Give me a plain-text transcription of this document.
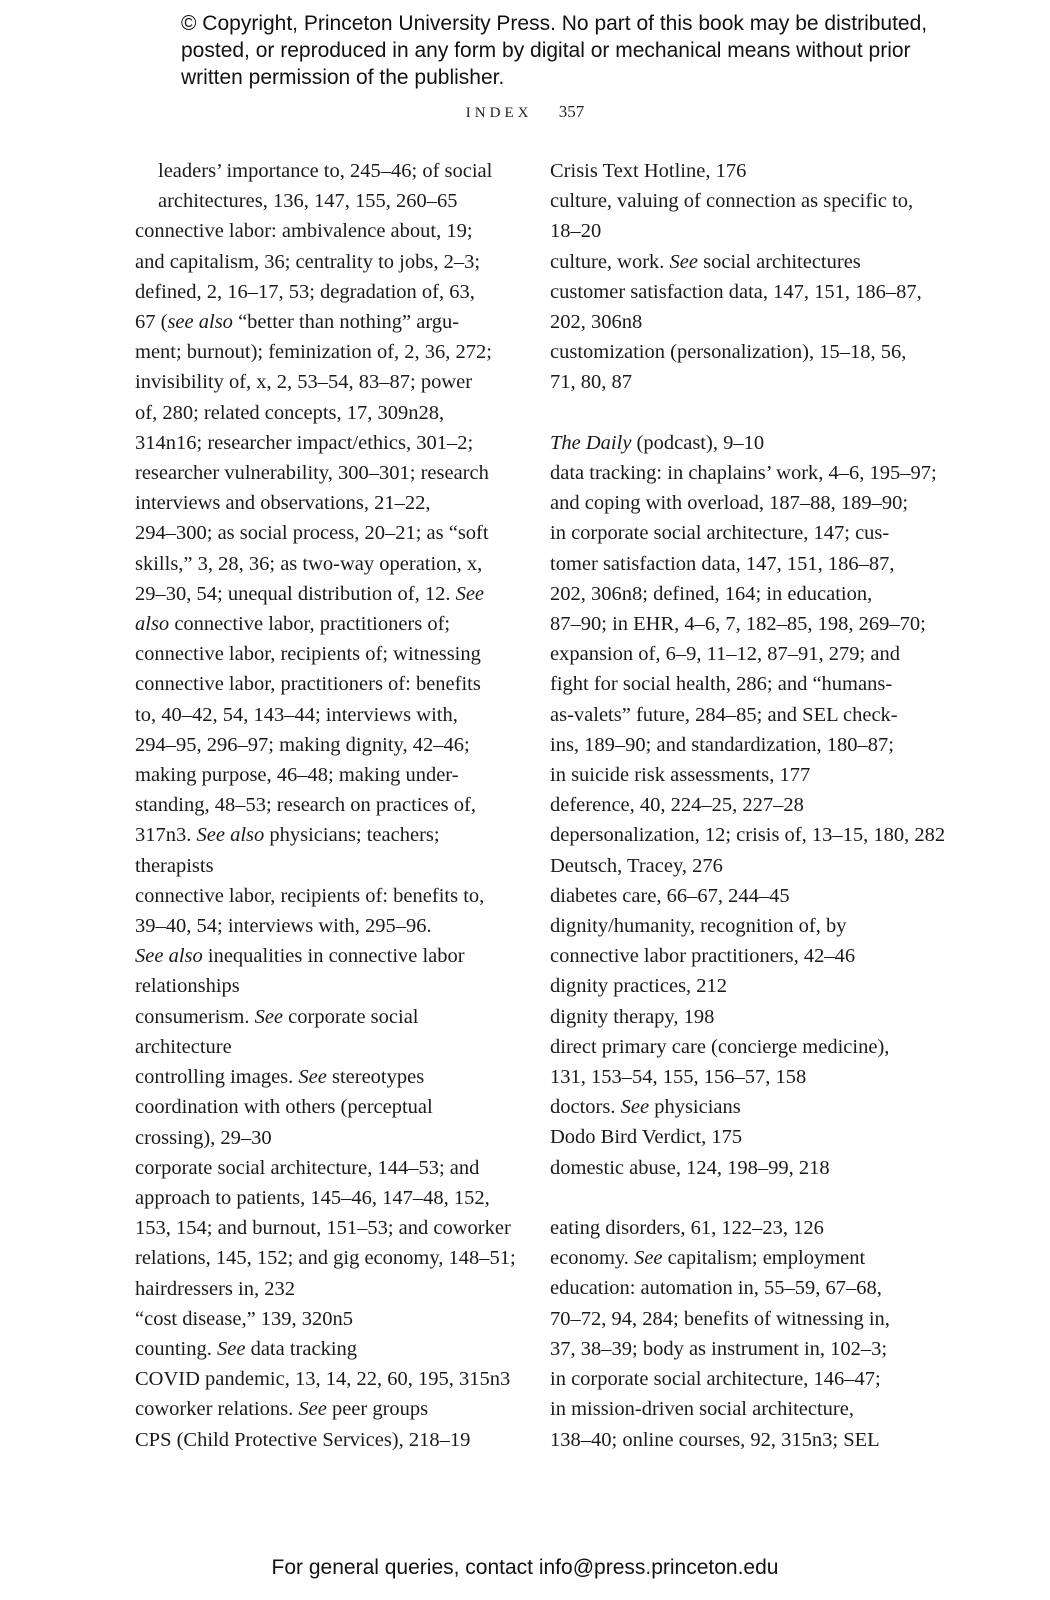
© Copyright, Princeton University Press. No part of this book may be distributed, posted, or reproduced in any form by digital or mechanical means without prior written permission of the publisher.

INDEX 357

leaders’ importance to, 245–46; of social
architectures, 136, 147, 155, 260–65

connective labor: ambivalence about, 19;
and capitalism, 36; centrality to jobs, 2–3;
defined, 2, 16–17, 53; degradation of, 63,
67 (see also “better than nothing” argu-
ment; burnout); feminization of, 2, 36, 272;
invisibility of, x, 2, 53–54, 83–87; power
of, 280; related concepts, 17, 309n28,
314n16; researcher impact/ethics, 301–2;
researcher vulnerability, 300–301; research
interviews and observations, 21–22,
294–300; as social process, 20–21; as “soft
skills,” 3, 28, 36; as two-way operation, x,
29–30, 54; unequal distribution of, 12. See
also connective labor, practitioners of;
connective labor, recipients of; witnessing

connective labor, practitioners of: benefits
to, 40–42, 54, 143–44; interviews with,
294–95, 296–97; making dignity, 42–46;
making purpose, 46–48; making under-
standing, 48–53; research on practices of,
317n3. See also physicians; teachers;
therapists

connective labor, recipients of: benefits to,
39–40, 54; interviews with, 295–96.
See also inequalities in connective labor
relationships

consumerism. See corporate social
architecture

controlling images. See stereotypes

coordination with others (perceptual
crossing), 29–30

corporate social architecture, 144–53; and
approach to patients, 145–46, 147–48, 152,
153, 154; and burnout, 151–53; and coworker
relations, 145, 152; and gig economy, 148–51;
hairdressers in, 232

“cost disease,” 139, 320n5

counting. See data tracking

COVID pandemic, 13, 14, 22, 60, 195, 315n3

coworker relations. See peer groups

CPS (Child Protective Services), 218–19

Crisis Text Hotline, 176

culture, valuing of connection as specific to,
18–20

culture, work. See social architectures

customer satisfaction data, 147, 151, 186–87,
202, 306n8

customization (personalization), 15–18, 56,
71, 80, 87

The Daily (podcast), 9–10

data tracking: in chaplains’ work, 4–6, 195–97;
and coping with overload, 187–88, 189–90;
in corporate social architecture, 147; cus-
tomer satisfaction data, 147, 151, 186–87,
202, 306n8; defined, 164; in education,
87–90; in EHR, 4–6, 7, 182–85, 198, 269–70;
expansion of, 6–9, 11–12, 87–91, 279; and
fight for social health, 286; and “humans-
as-valets” future, 284–85; and SEL check-
ins, 189–90; and standardization, 180–87;
in suicide risk assessments, 177

deference, 40, 224–25, 227–28

depersonalization, 12; crisis of, 13–15, 180, 282

Deutsch, Tracey, 276

diabetes care, 66–67, 244–45

dignity/humanity, recognition of, by
connective labor practitioners, 42–46

dignity practices, 212

dignity therapy, 198

direct primary care (concierge medicine),
131, 153–54, 155, 156–57, 158

doctors. See physicians

Dodo Bird Verdict, 175

domestic abuse, 124, 198–99, 218

eating disorders, 61, 122–23, 126

economy. See capitalism; employment

education: automation in, 55–59, 67–68,
70–72, 94, 284; benefits of witnessing in,
37, 38–39; body as instrument in, 102–3;
in corporate social architecture, 146–47;
in mission-driven social architecture,
138–40; online courses, 92, 315n3; SEL

For general queries, contact info@press.princeton.edu
